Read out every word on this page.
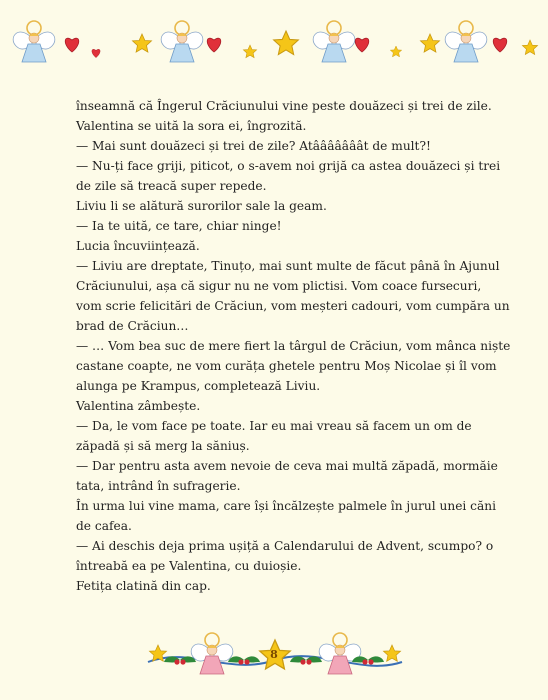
înseamnă că Îngerul Crăciunului vine peste douăzeci și trei de zile.

Valentina se uită la sora ei, îngrozită.

— Mai sunt douăzeci și trei de zile? Atââââââât de mult?!

— Nu-ți face griji, piticot, o s-avem noi grijă ca astea douăzeci și trei

de zile să treacă super repede.

Liviu li se alătură surorilor sale la geam.

— Ia te uită, ce tare, chiar ninge!

Lucia încuviințează.

— Liviu are dreptate, Tinuțo, mai sunt multe de făcut până în Ajunul

Crăciunului, așa că sigur nu ne vom plictisi. Vom coace fursecuri,

vom scrie felicitări de Crăciun, vom meșteri cadouri, vom cumpăra un

brad de Crăciun…

— … Vom bea suc de mere fiert la târgul de Crăciun, vom mânca niște

castane coapte, ne vom curăța ghetele pentru Moș Nicolae și îl vom

alunga pe Krampus, completează Liviu.

Valentina zâmbește.

— Da, le vom face pe toate. Iar eu mai vreau să facem un om de

zăpadă și să merg la săniuș.

— Dar pentru asta avem nevoie de ceva mai multă zăpadă, mormăie

tata, intrând în sufragerie.

În urma lui vine mama, care își încălzește palmele în jurul unei căni

de cafea.

— Ai deschis deja prima ușiță a Calendarului de Advent, scumpo? o

întreabă ea pe Valentina, cu duioșie.

Fetița clatină din cap.

8
